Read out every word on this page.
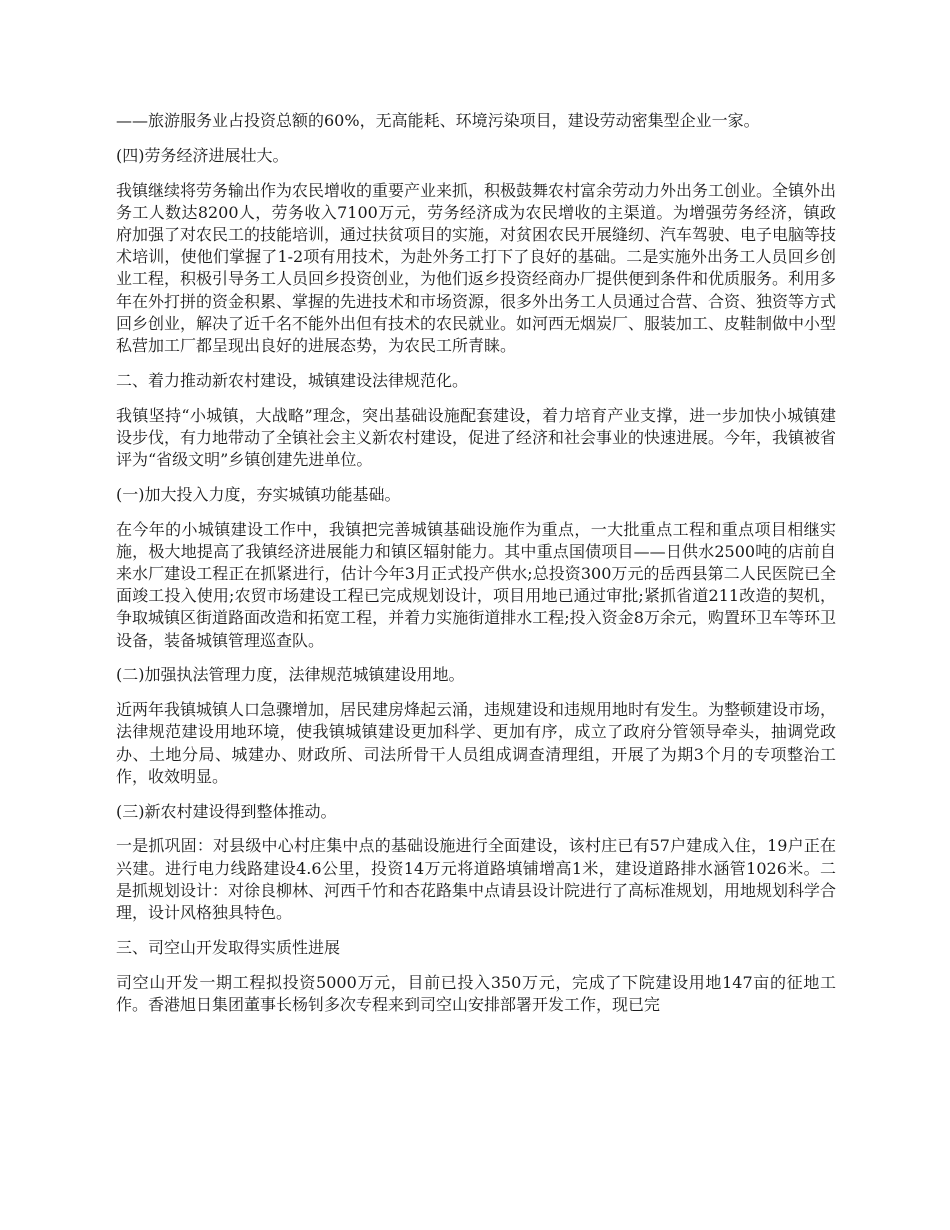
——旅游服务业占投资总额的60%，无高能耗、环境污染项目，建设劳动密集型企业一家。

(四)劳务经济进展壮大。

我镇继续将劳务输出作为农民增收的重要产业来抓，积极鼓舞农村富余劳动力外出务工创业。全镇外出务工人数达8200人，劳务收入7100万元，劳务经济成为农民增收的主渠道。为增强劳务经济，镇政府加强了对农民工的技能培训，通过扶贫项目的实施，对贫困农民开展缝纫、汽车驾驶、电子电脑等技术培训，使他们掌握了1-2项有用技术，为赴外务工打下了良好的基础。二是实施外出务工人员回乡创业工程，积极引导务工人员回乡投资创业，为他们返乡投资经商办厂提供便到条件和优质服务。利用多年在外打拼的资金积累、掌握的先进技术和市场资源，很多外出务工人员通过合营、合资、独资等方式回乡创业，解决了近千名不能外出但有技术的农民就业。如河西无烟炭厂、服装加工、皮鞋制做中小型私营加工厂都呈现出良好的进展态势，为农民工所青睐。

二、着力推动新农村建设，城镇建设法律规范化。

我镇坚持“小城镇，大战略”理念，突出基础设施配套建设，着力培育产业支撑，进一步加快小城镇建设步伐，有力地带动了全镇社会主义新农村建设，促进了经济和社会事业的快速进展。今年，我镇被省评为“省级文明”乡镇创建先进单位。

(一)加大投入力度，夯实城镇功能基础。

在今年的小城镇建设工作中，我镇把完善城镇基础设施作为重点，一大批重点工程和重点项目相继实施，极大地提高了我镇经济进展能力和镇区辐射能力。其中重点国债项目——日供水2500吨的店前自来水厂建设工程正在抓紧进行，估计今年3月正式投产供水;总投资300万元的岳西县第二人民医院已全面竣工投入使用;农贸市场建设工程已完成规划设计，项目用地已通过审批;紧抓省道211改造的契机，争取城镇区街道路面改造和拓宽工程，并着力实施街道排水工程;投入资金8万余元，购置环卫车等环卫设备，装备城镇管理巡查队。

(二)加强执法管理力度，法律规范城镇建设用地。

近两年我镇城镇人口急骤增加，居民建房烽起云涌，违规建设和违规用地时有发生。为整顿建设市场，法律规范建设用地环境，使我镇城镇建设更加科学、更加有序，成立了政府分管领导牵头，抽调党政办、土地分局、城建办、财政所、司法所骨干人员组成调查清理组，开展了为期3个月的专项整治工作，收效明显。

(三)新农村建设得到整体推动。

一是抓巩固：对县级中心村庄集中点的基础设施进行全面建设，该村庄已有57户建成入住，19户正在兴建。进行电力线路建设4.6公里，投资14万元将道路填铺增高1米，建设道路排水涵管1026米。二是抓规划设计：对徐良柳林、河西千竹和杏花路集中点请县设计院进行了高标准规划，用地规划科学合理，设计风格独具特色。

三、司空山开发取得实质性进展

司空山开发一期工程拟投资5000万元，目前已投入350万元，完成了下院建设用地147亩的征地工作。香港旭日集团董事长杨钊多次专程来到司空山安排部署开发工作，现已完
